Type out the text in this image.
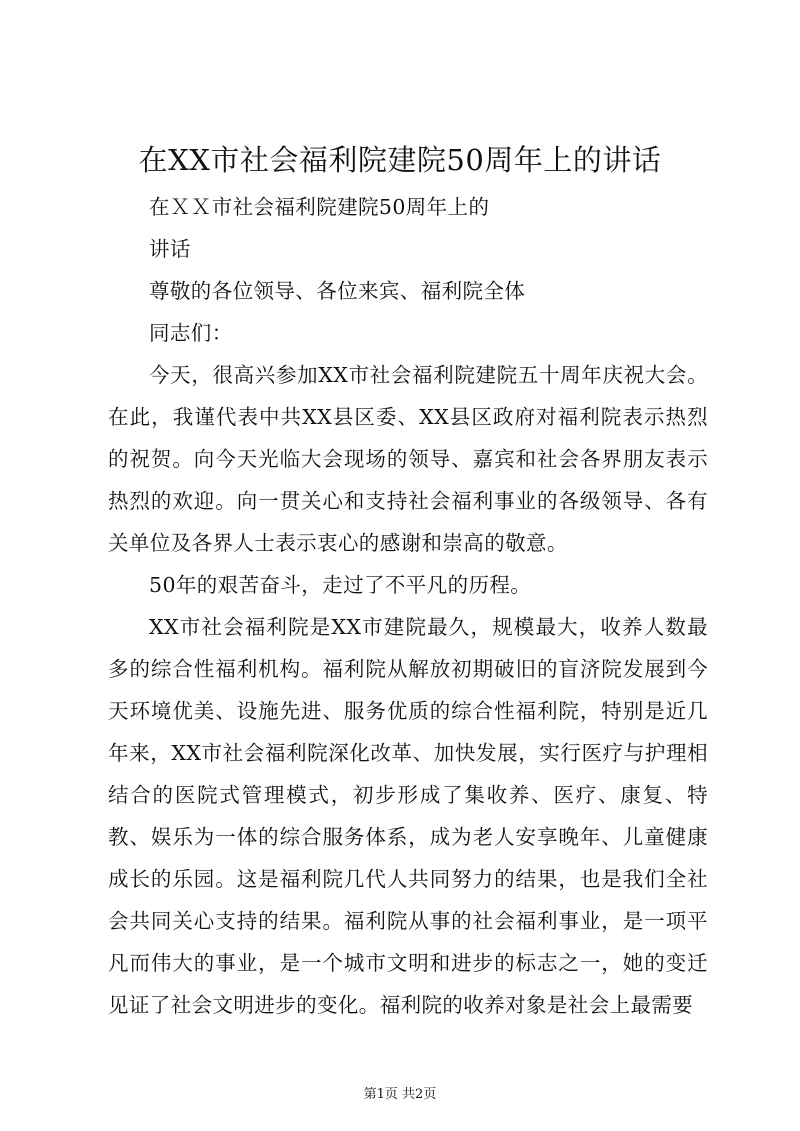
在XX市社会福利院建院50周年上的讲话

在ＸＸ市社会福利院建院50周年上的

讲话

尊敬的各位领导、各位来宾、福利院全体

同志们：

今天，很高兴参加XX市社会福利院建院五十周年庆祝大会。在此，我谨代表中共XX县区委、XX县区政府对福利院表示热烈的祝贺。向今天光临大会现场的领导、嘉宾和社会各界朋友表示热烈的欢迎。向一贯关心和支持社会福利事业的各级领导、各有关单位及各界人士表示衷心的感谢和崇高的敬意。

50年的艰苦奋斗，走过了不平凡的历程。

XX市社会福利院是XX市建院最久，规模最大，收养人数最多的综合性福利机构。福利院从解放初期破旧的盲济院发展到今天环境优美、设施先进、服务优质的综合性福利院，特别是近几年来，XX市社会福利院深化改革、加快发展，实行医疗与护理相结合的医院式管理模式，初步形成了集收养、医疗、康复、特教、娱乐为一体的综合服务体系，成为老人安享晚年、儿童健康成长的乐园。这是福利院几代人共同努力的结果，也是我们全社会共同关心支持的结果。福利院从事的社会福利事业，是一项平凡而伟大的事业，是一个城市文明和进步的标志之一，她的变迁见证了社会文明进步的变化。福利院的收养对象是社会上最需要

第1页 共2页
